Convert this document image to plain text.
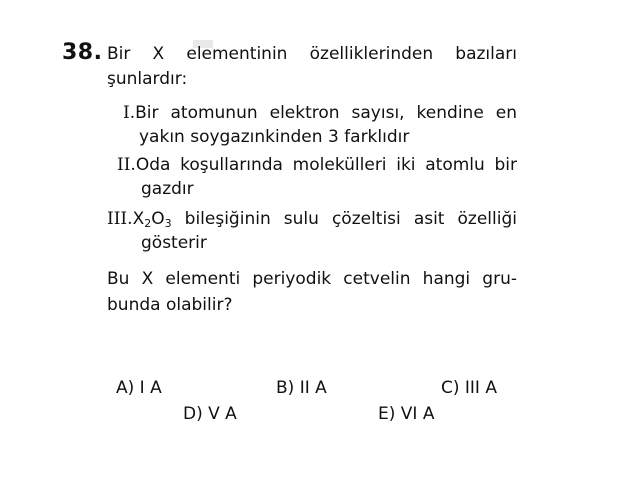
38. Bir X elementinin özelliklerinden bazıları
şunlardır:
I.Bir atomunun elektron sayısı, kendine en
yakın soygazınkinden 3 farklıdır
II.Oda koşullarında molekülleri iki atomlu bir
gazdır
$III.X_2O_3$ bileşiğinin sulu çözeltisi asit özelliği
gösterir
Bu X elementi periyodik cetvelin hangi gru-
bunda olabilir?
A) I A	B) II A	C) III A
D) V A	E) VI A
